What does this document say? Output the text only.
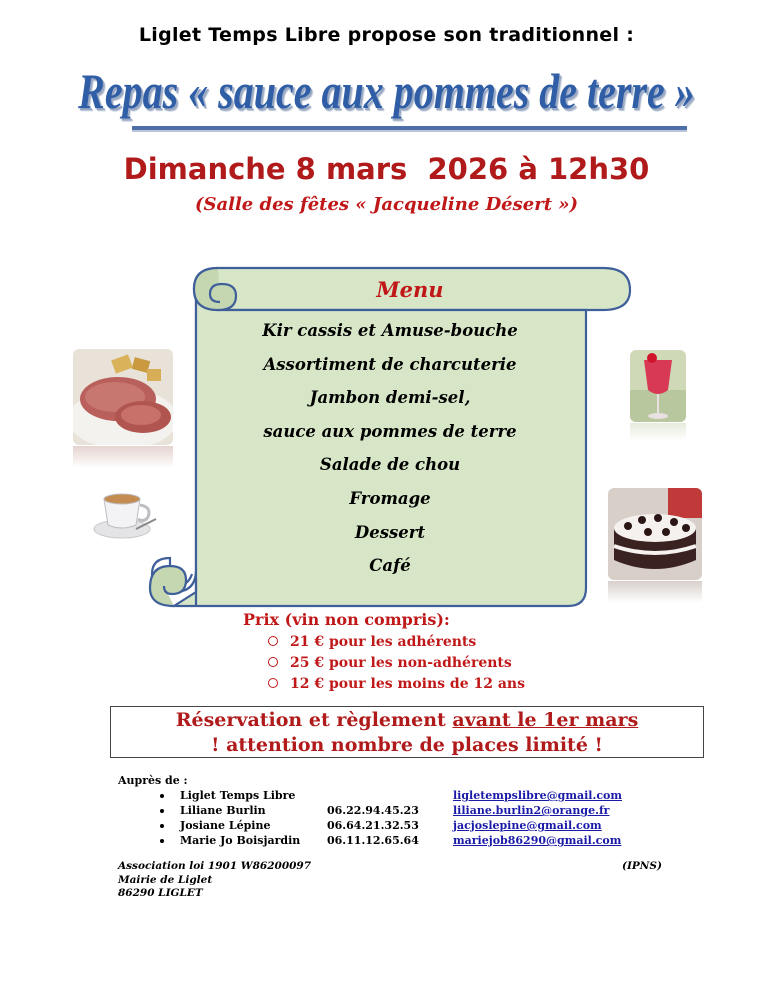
Liglet Temps Libre propose son traditionnel :
Repas « sauce aux pommes de terre »
Dimanche 8 mars  2026 à 12h30
(Salle des fêtes « Jacqueline Désert »)
Menu
Kir cassis et Amuse-bouche
Assortiment de charcuterie
Jambon demi-sel,
sauce aux pommes de terre
Salade de chou
Fromage
Dessert
Café
Prix (vin non compris):
21 € pour les adhérents
25 € pour les non-adhérents
12 € pour les moins de 12 ans
Réservation et règlement avant le 1er mars
! attention nombre de places limité !
Auprès de :
Liglet Temps Libre	ligletempslibre@gmail.com
Liliane Burlin	06.22.94.45.23	liliane.burlin2@orange.fr
Josiane Lépine	06.64.21.32.53	jacjoslepine@gmail.com
Marie Jo Boisjardin 06.11.12.65.64	mariejob86290@gmail.com
Association loi 1901 W86200097
Mairie de Liglet
86290 LIGLET
(IPNS)
